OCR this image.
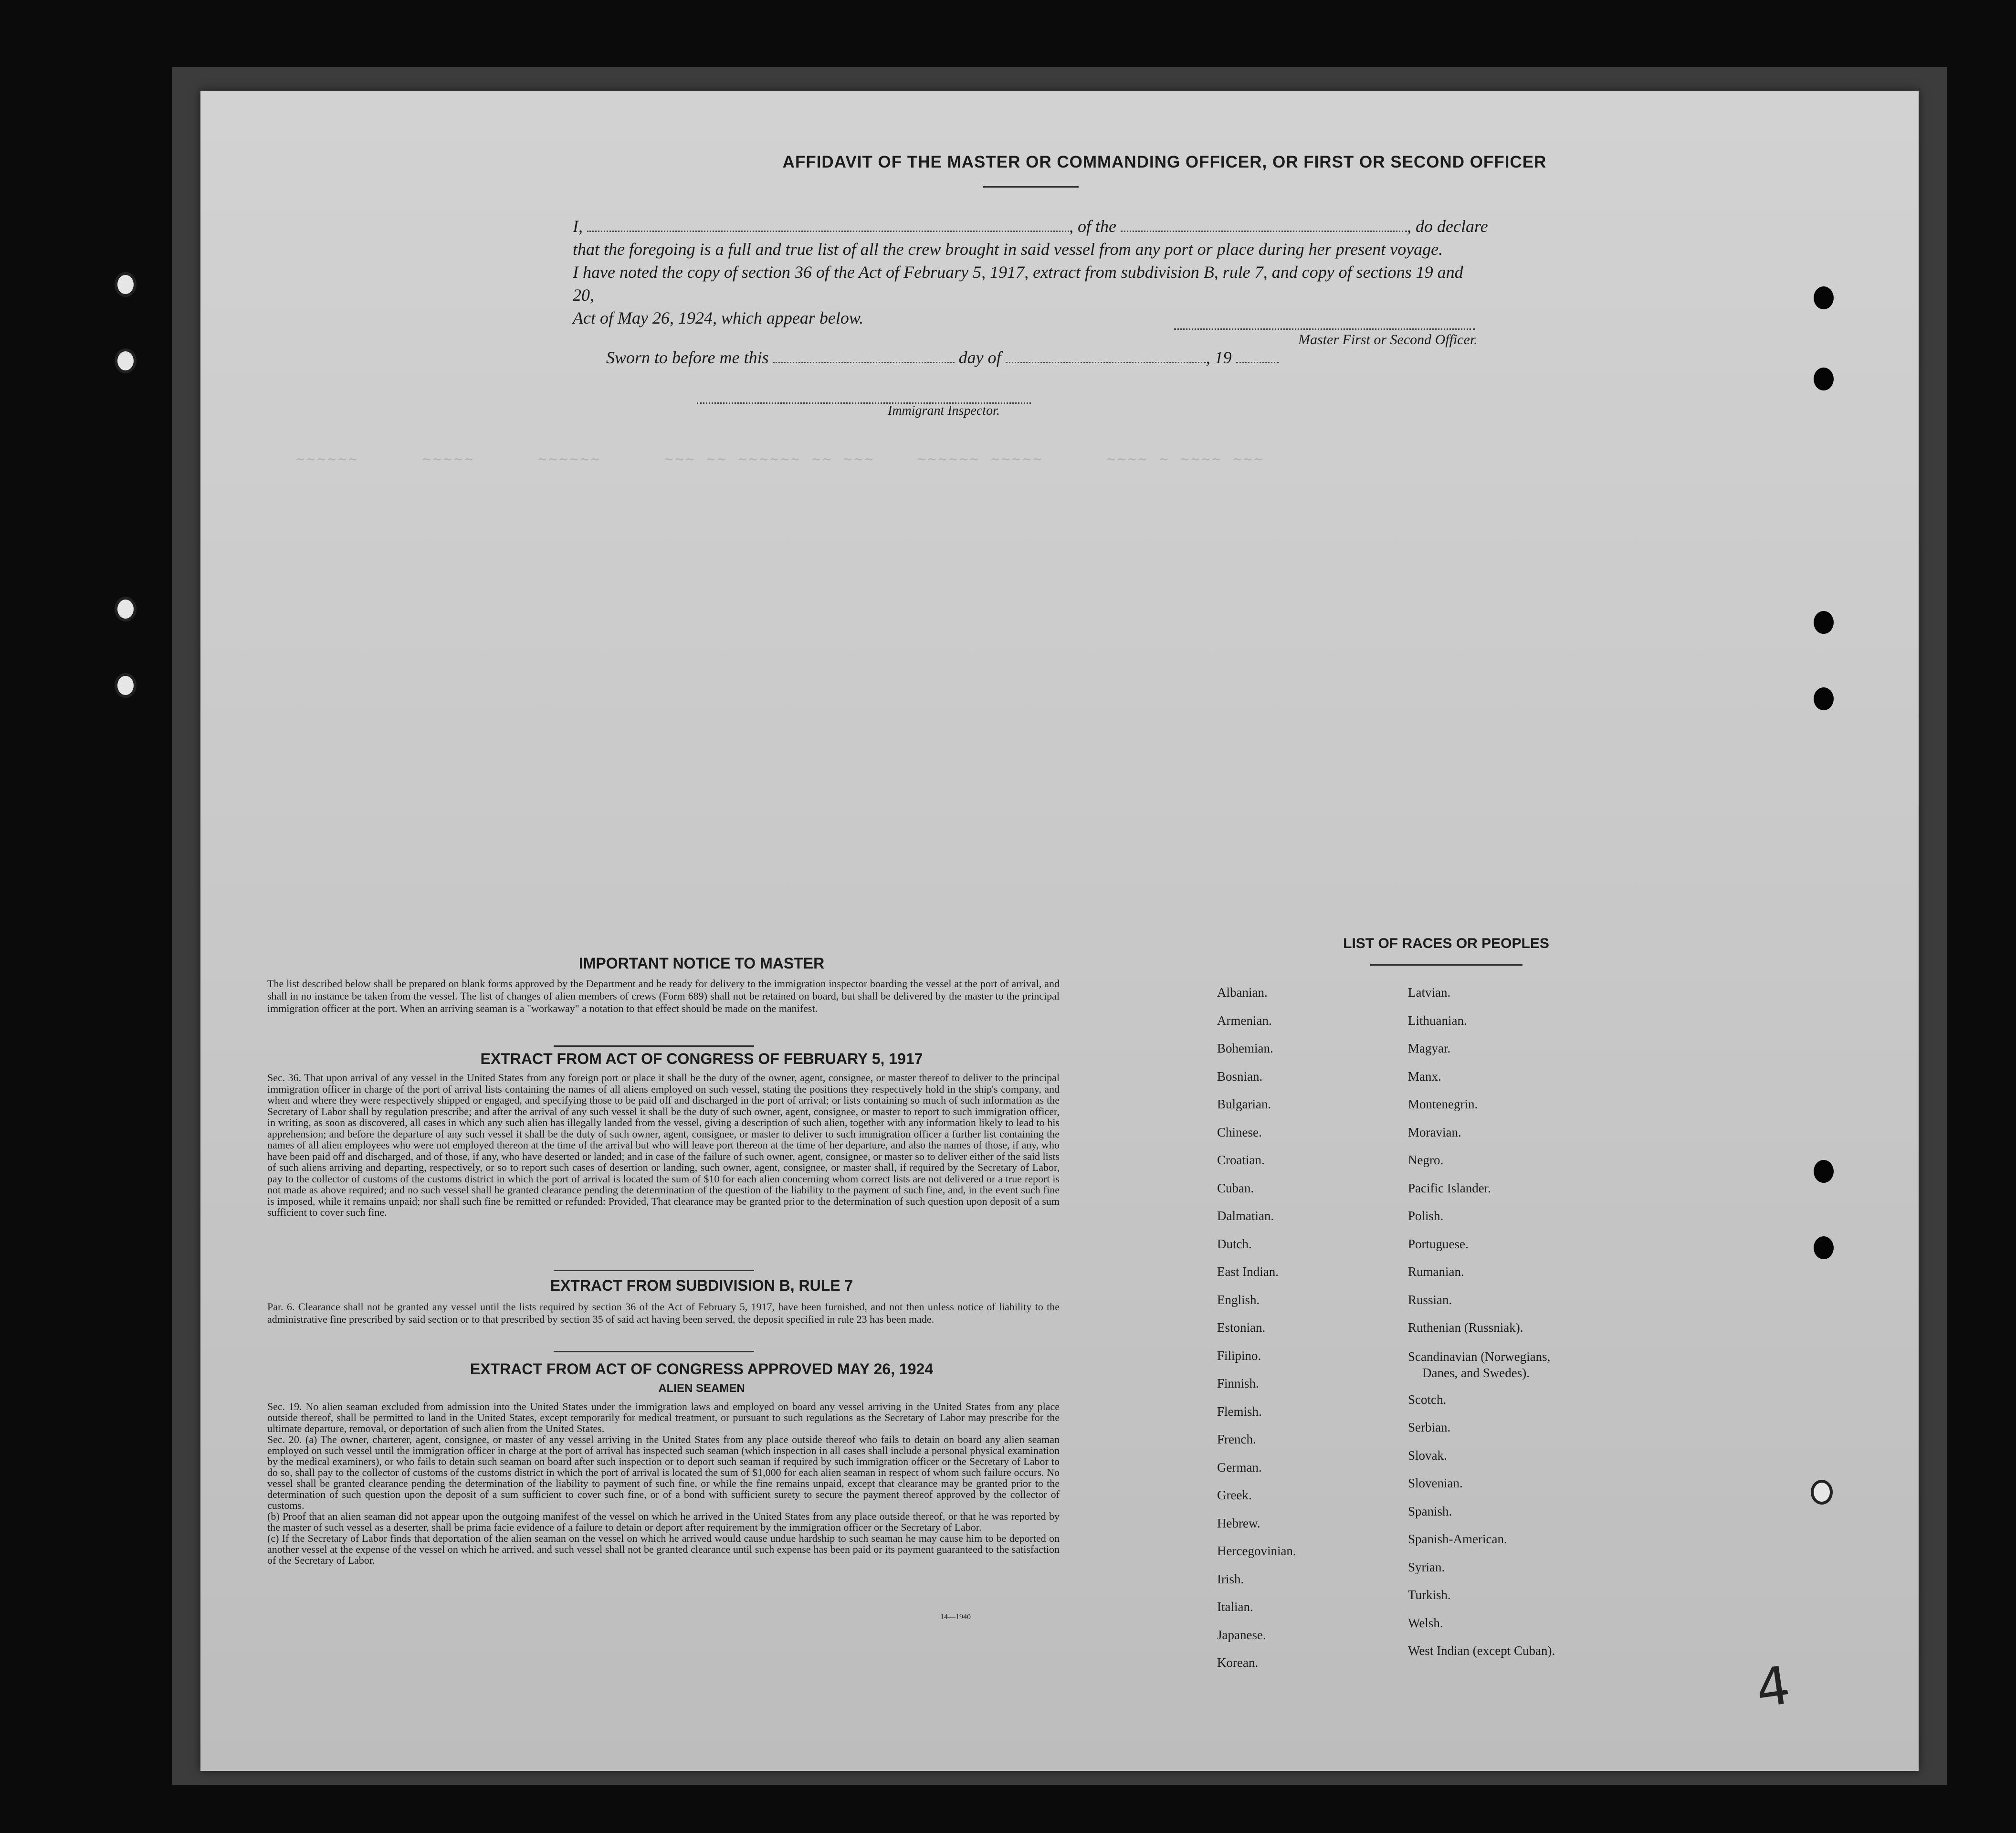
~~~~~~      ~~~~~      ~~~~~~      ~~~ ~~ ~~~~~~ ~~ ~~~    ~~~~~~ ~~~~~      ~~~~ ~ ~~~~ ~~~

AFFIDAVIT OF THE MASTER OR COMMANDING OFFICER, OR FIRST OR SECOND OFFICER
I,	, of the	, do declare
that the foregoing is a full and true list of all the crew brought in said vessel from any port or place during her present voyage.
I have noted the copy of section 36 of the Act of February 5, 1917, extract from subdivision B, rule 7, and copy of sections 19 and 20,
Act of May 26, 1924, which appear below.
Master First or Second Officer.
Sworn to before me this	day of	, 19
Immigrant Inspector.
IMPORTANT NOTICE TO MASTER
The list described below shall be prepared on blank forms approved by the Department and be ready for delivery to the immigration inspector boarding the vessel at the port of arrival, and shall in no instance be taken from the vessel. The list of changes of alien members of crews (Form 689) shall not be retained on board, but shall be delivered by the master to the principal immigration officer at the port. When an arriving seaman is a "workaway" a notation to that effect should be made on the manifest.
EXTRACT FROM ACT OF CONGRESS OF FEBRUARY 5, 1917
Sec. 36. That upon arrival of any vessel in the United States from any foreign port or place it shall be the duty of the owner, agent, consignee, or master thereof to deliver to the principal immigration officer in charge of the port of arrival lists containing the names of all aliens employed on such vessel, stating the positions they respectively hold in the ship's company, and when and where they were respectively shipped or engaged, and specifying those to be paid off and discharged in the port of arrival; or lists containing so much of such information as the Secretary of Labor shall by regulation prescribe; and after the arrival of any such vessel it shall be the duty of such owner, agent, consignee, or master to report to such immigration officer, in writing, as soon as discovered, all cases in which any such alien has illegally landed from the vessel, giving a description of such alien, together with any information likely to lead to his apprehension; and before the departure of any such vessel it shall be the duty of such owner, agent, consignee, or master to deliver to such immigration officer a further list containing the names of all alien employees who were not employed thereon at the time of the arrival but who will leave port thereon at the time of her departure, and also the names of those, if any, who have been paid off and discharged, and of those, if any, who have deserted or landed; and in case of the failure of such owner, agent, consignee, or master so to deliver either of the said lists of such aliens arriving and departing, respectively, or so to report such cases of desertion or landing, such owner, agent, consignee, or master shall, if required by the Secretary of Labor, pay to the collector of customs of the customs district in which the port of arrival is located the sum of $10 for each alien concerning whom correct lists are not delivered or a true report is not made as above required; and no such vessel shall be granted clearance pending the determination of the question of the liability to the payment of such fine, and, in the event such fine is imposed, while it remains unpaid; nor shall such fine be remitted or refunded: Provided, That clearance may be granted prior to the determination of such question upon deposit of a sum sufficient to cover such fine.
EXTRACT FROM SUBDIVISION B, RULE 7
Par. 6. Clearance shall not be granted any vessel until the lists required by section 36 of the Act of February 5, 1917, have been furnished, and not then unless notice of liability to the administrative fine prescribed by said section or to that prescribed by section 35 of said act having been served, the deposit specified in rule 23 has been made.
EXTRACT FROM ACT OF CONGRESS APPROVED MAY 26, 1924
ALIEN SEAMEN
Sec. 19. No alien seaman excluded from admission into the United States under the immigration laws and employed on board any vessel arriving in the United States from any place outside thereof, shall be permitted to land in the United States, except temporarily for medical treatment, or pursuant to such regulations as the Secretary of Labor may prescribe for the ultimate departure, removal, or deportation of such alien from the United States.
Sec. 20. (a) The owner, charterer, agent, consignee, or master of any vessel arriving in the United States from any place outside thereof who fails to detain on board any alien seaman employed on such vessel until the immigration officer in charge at the port of arrival has inspected such seaman (which inspection in all cases shall include a personal physical examination by the medical examiners), or who fails to detain such seaman on board after such inspection or to deport such seaman if required by such immigration officer or the Secretary of Labor to do so, shall pay to the collector of customs of the customs district in which the port of arrival is located the sum of $1,000 for each alien seaman in respect of whom such failure occurs. No vessel shall be granted clearance pending the determination of the liability to payment of such fine, or while the fine remains unpaid, except that clearance may be granted prior to the determination of such question upon the deposit of a sum sufficient to cover such fine, or of a bond with sufficient surety to secure the payment thereof approved by the collector of customs.
(b) Proof that an alien seaman did not appear upon the outgoing manifest of the vessel on which he arrived in the United States from any place outside thereof, or that he was reported by the master of such vessel as a deserter, shall be prima facie evidence of a failure to detain or deport after requirement by the immigration officer or the Secretary of Labor.
(c) If the Secretary of Labor finds that deportation of the alien seaman on the vessel on which he arrived would cause undue hardship to such seaman he may cause him to be deported on another vessel at the expense of the vessel on which he arrived, and such vessel shall not be granted clearance until such expense has been paid or its payment guaranteed to the satisfaction of the Secretary of Labor.
14—1940
LIST OF RACES OR PEOPLES
Albanian.
Armenian.
Bohemian.
Bosnian.
Bulgarian.
Chinese.
Croatian.
Cuban.
Dalmatian.
Dutch.
East Indian.
English.
Estonian.
Filipino.
Finnish.
Flemish.
French.
German.
Greek.
Hebrew.
Hercegovinian.
Irish.
Italian.
Japanese.
Korean.
Latvian.
Lithuanian.
Magyar.
Manx.
Montenegrin.
Moravian.
Negro.
Pacific Islander.
Polish.
Portuguese.
Rumanian.
Russian.
Ruthenian (Russniak).
Scandinavian (Norwegians,
Danes, and Swedes).
Scotch.
Serbian.
Slovak.
Slovenian.
Spanish.
Spanish-American.
Syrian.
Turkish.
Welsh.
West Indian (except Cuban).
4
